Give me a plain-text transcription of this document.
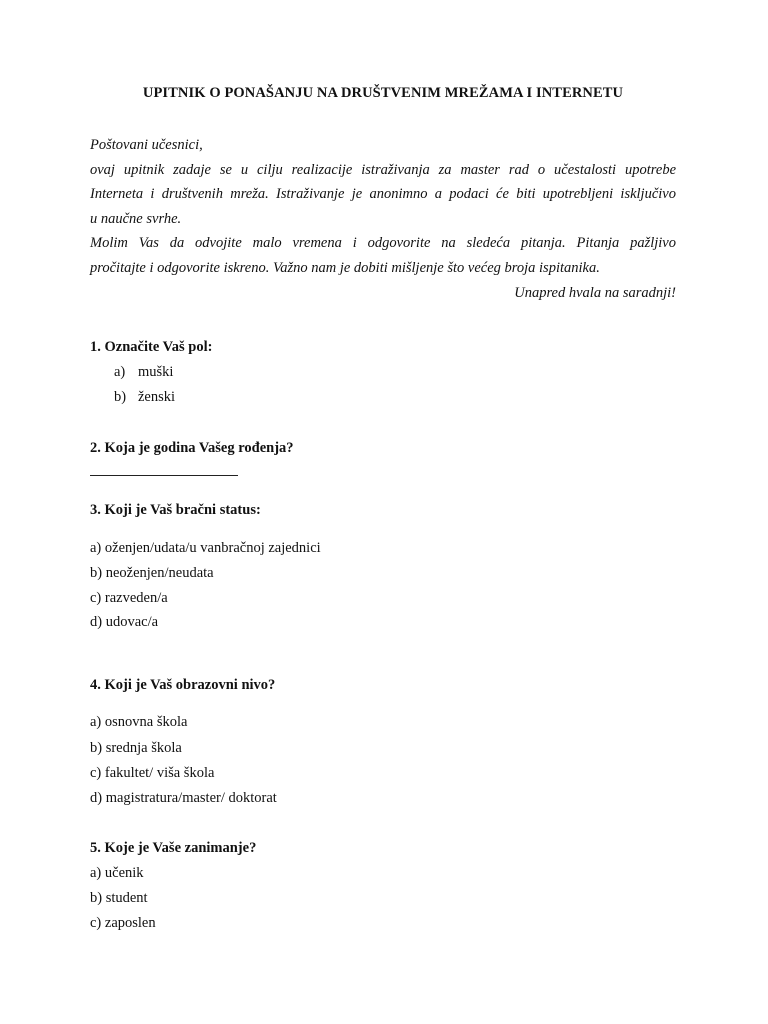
UPITNIK O PONAŠANJU NA DRUŠTVENIM MREŽAMA I INTERNETU

Poštovani učesnici,

ovaj upitnik zadaje se u cilju realizacije istraživanja za master rad o učestalosti upotrebe

Interneta i društvenih mreža. Istraživanje je anonimno a podaci će biti upotrebljeni isključivo

u naučne svrhe.

Molim Vas da odvojite malo vremena i odgovorite na sledeća pitanja. Pitanja pažljivo

pročitajte i odgovorite iskreno. Važno nam je dobiti mišljenje što većeg broja ispitanika.

Unapred hvala na saradnji!

1. Označite Vaš pol:
a) muški
b) ženski
2. Koja je godina Vašeg rođenja?
3. Koji je Vaš bračni status:
a) oženjen/udata/u vanbračnoj zajednici
b) neoženjen/neudata
c) razveden/a
d) udovac/a
4. Koji je Vaš obrazovni nivo?
a) osnovna škola
b) srednja škola
c) fakultet/ viša škola
d) magistratura/master/ doktorat
5. Koje je Vaše zanimanje?
a) učenik
b) student
c) zaposlen
